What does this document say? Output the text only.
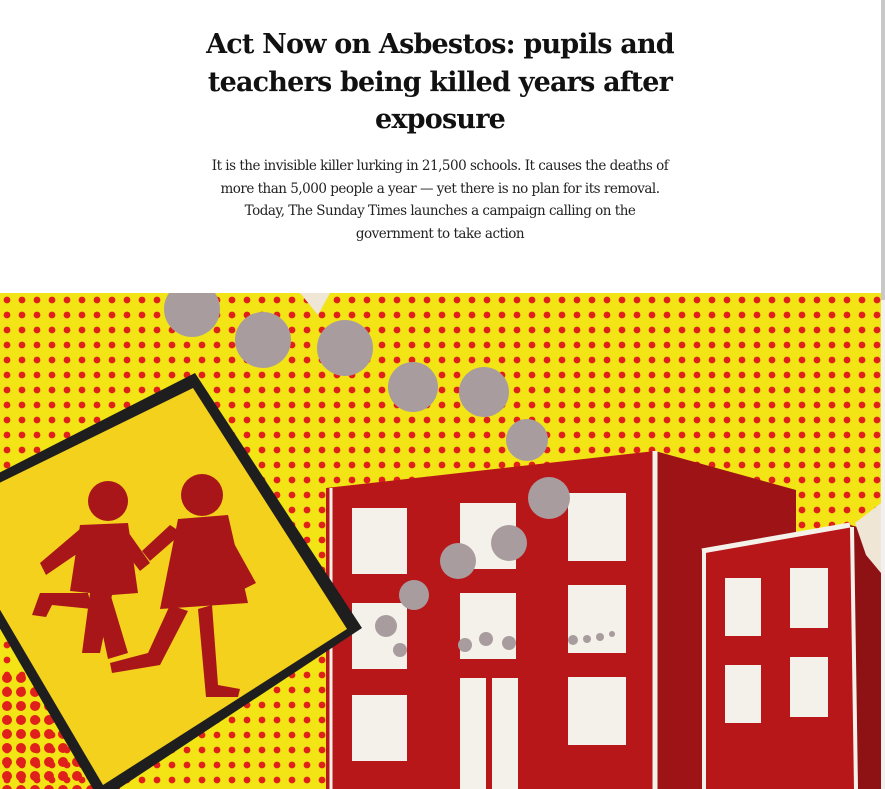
Act Now on Asbestos: pupils and teachers being killed years after exposure

It is the invisible killer lurking in 21,500 schools. It causes the deaths of more than 5,000 people a year — yet there is no plan for its removal. Today, The Sunday Times launches a campaign calling on the government to take action
